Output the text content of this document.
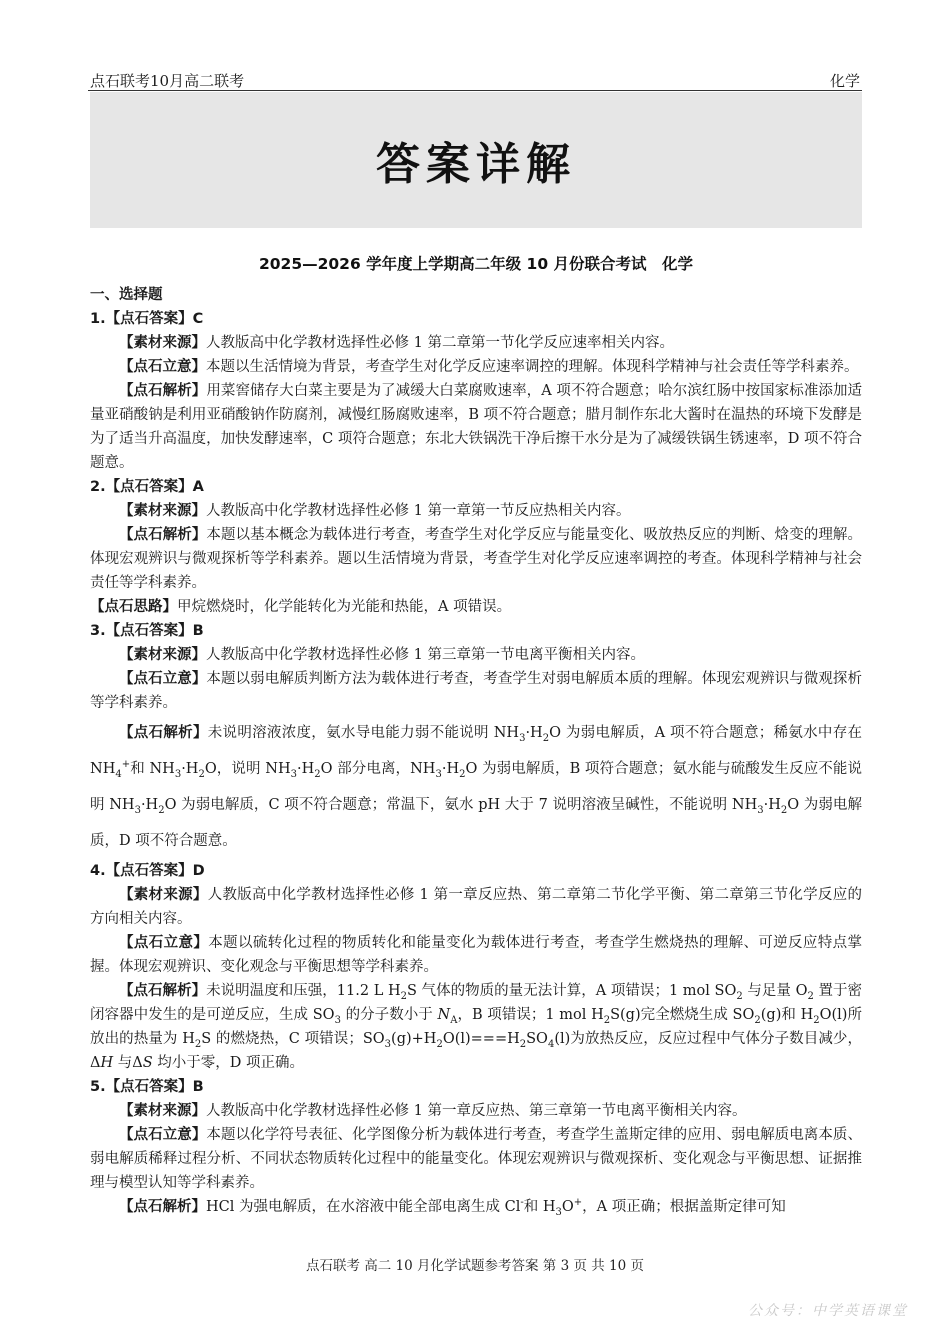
点石联考10月高二联考	化学
答案详解
2025—2026 学年度上学期高二年级 10 月份联合考试　化学
一、选择题
1.【点石答案】C

【素材来源】人教版高中化学教材选择性必修 1 第二章第一节化学反应速率相关内容。

【点石立意】本题以生活情境为背景，考查学生对化学反应速率调控的理解。体现科学精神与社会责任等学科素养。

【点石解析】用菜窖储存大白菜主要是为了减缓大白菜腐败速率，A 项不符合题意；哈尔滨红肠中按国家标准添加适量亚硝酸钠是利用亚硝酸钠作防腐剂，减慢红肠腐败速率，B 项不符合题意；腊月制作东北大酱时在温热的环境下发酵是为了适当升高温度，加快发酵速率，C 项符合题意；东北大铁锅洗干净后擦干水分是为了减缓铁锅生锈速率，D 项不符合题意。

2.【点石答案】A

【素材来源】人教版高中化学教材选择性必修 1 第一章第一节反应热相关内容。

【点石解析】本题以基本概念为载体进行考查，考查学生对化学反应与能量变化、吸放热反应的判断、焓变的理解。体现宏观辨识与微观探析等学科素养。题以生活情境为背景，考查学生对化学反应速率调控的考查。体现科学精神与社会责任等学科素养。

【点石思路】甲烷燃烧时，化学能转化为光能和热能，A 项错误。

3.【点石答案】B

【素材来源】人教版高中化学教材选择性必修 1 第三章第一节电离平衡相关内容。

【点石立意】本题以弱电解质判断方法为载体进行考查，考查学生对弱电解质本质的理解。体现宏观辨识与微观探析等学科素养。

【点石解析】未说明溶液浓度，氨水导电能力弱不能说明 $NH_3\cdot H_2O$ 为弱电解质，A 项不符合题意；稀氨水中存在 $NH_4^+$和 $NH_3\cdot H_2O$，说明 $NH_3\cdot H_2O$ 部分电离，$NH_3\cdot H_2O$ 为弱电解质，B 项符合题意；氨水能与硫酸发生反应不能说明 $NH_3\cdot H_2O$ 为弱电解质，C 项不符合题意；常温下，氨水 pH 大于 7 说明溶液呈碱性，不能说明 $NH_3\cdot H_2O$ 为弱电解质，D 项不符合题意。

4.【点石答案】D

【素材来源】人教版高中化学教材选择性必修 1 第一章反应热、第二章第二节化学平衡、第二章第三节化学反应的方向相关内容。

【点石立意】本题以硫转化过程的物质转化和能量变化为载体进行考查，考查学生燃烧热的理解、可逆反应特点掌握。体现宏观辨识、变化观念与平衡思想等学科素养。

【点石解析】未说明温度和压强，11.2 L $H_2S$ 气体的物质的量无法计算，A 项错误；1 mol $SO_2$ 与足量 $O_2$ 置于密闭容器中发生的是可逆反应，生成 $SO_3$ 的分子数小于 $N_A$，B 项错误；1 mol $H_2S(g)$完全燃烧生成 $SO_2(g)$和 $H_2O(l)$所放出的热量为 $H_2S$ 的燃烧热，C 项错误；$SO_3(g)+H_2O(l)===H_2SO_4(l)$为放热反应，反应过程中气体分子数目减少，ΔH 与ΔS 均小于零，D 项正确。

5.【点石答案】B

【素材来源】人教版高中化学教材选择性必修 1 第一章反应热、第三章第一节电离平衡相关内容。

【点石立意】本题以化学符号表征、化学图像分析为载体进行考查，考查学生盖斯定律的应用、弱电解质电离本质、弱电解质稀释过程分析、不同状态物质转化过程中的能量变化。体现宏观辨识与微观探析、变化观念与平衡思想、证据推理与模型认知等学科素养。

【点石解析】HCl 为强电解质，在水溶液中能全部电离生成 Cl-和 $H_3O^+$，A 项正确；根据盖斯定律可知

点石联考 高二 10 月化学试题参考答案 第 3 页 共 10 页
公众号：中学英语课堂
